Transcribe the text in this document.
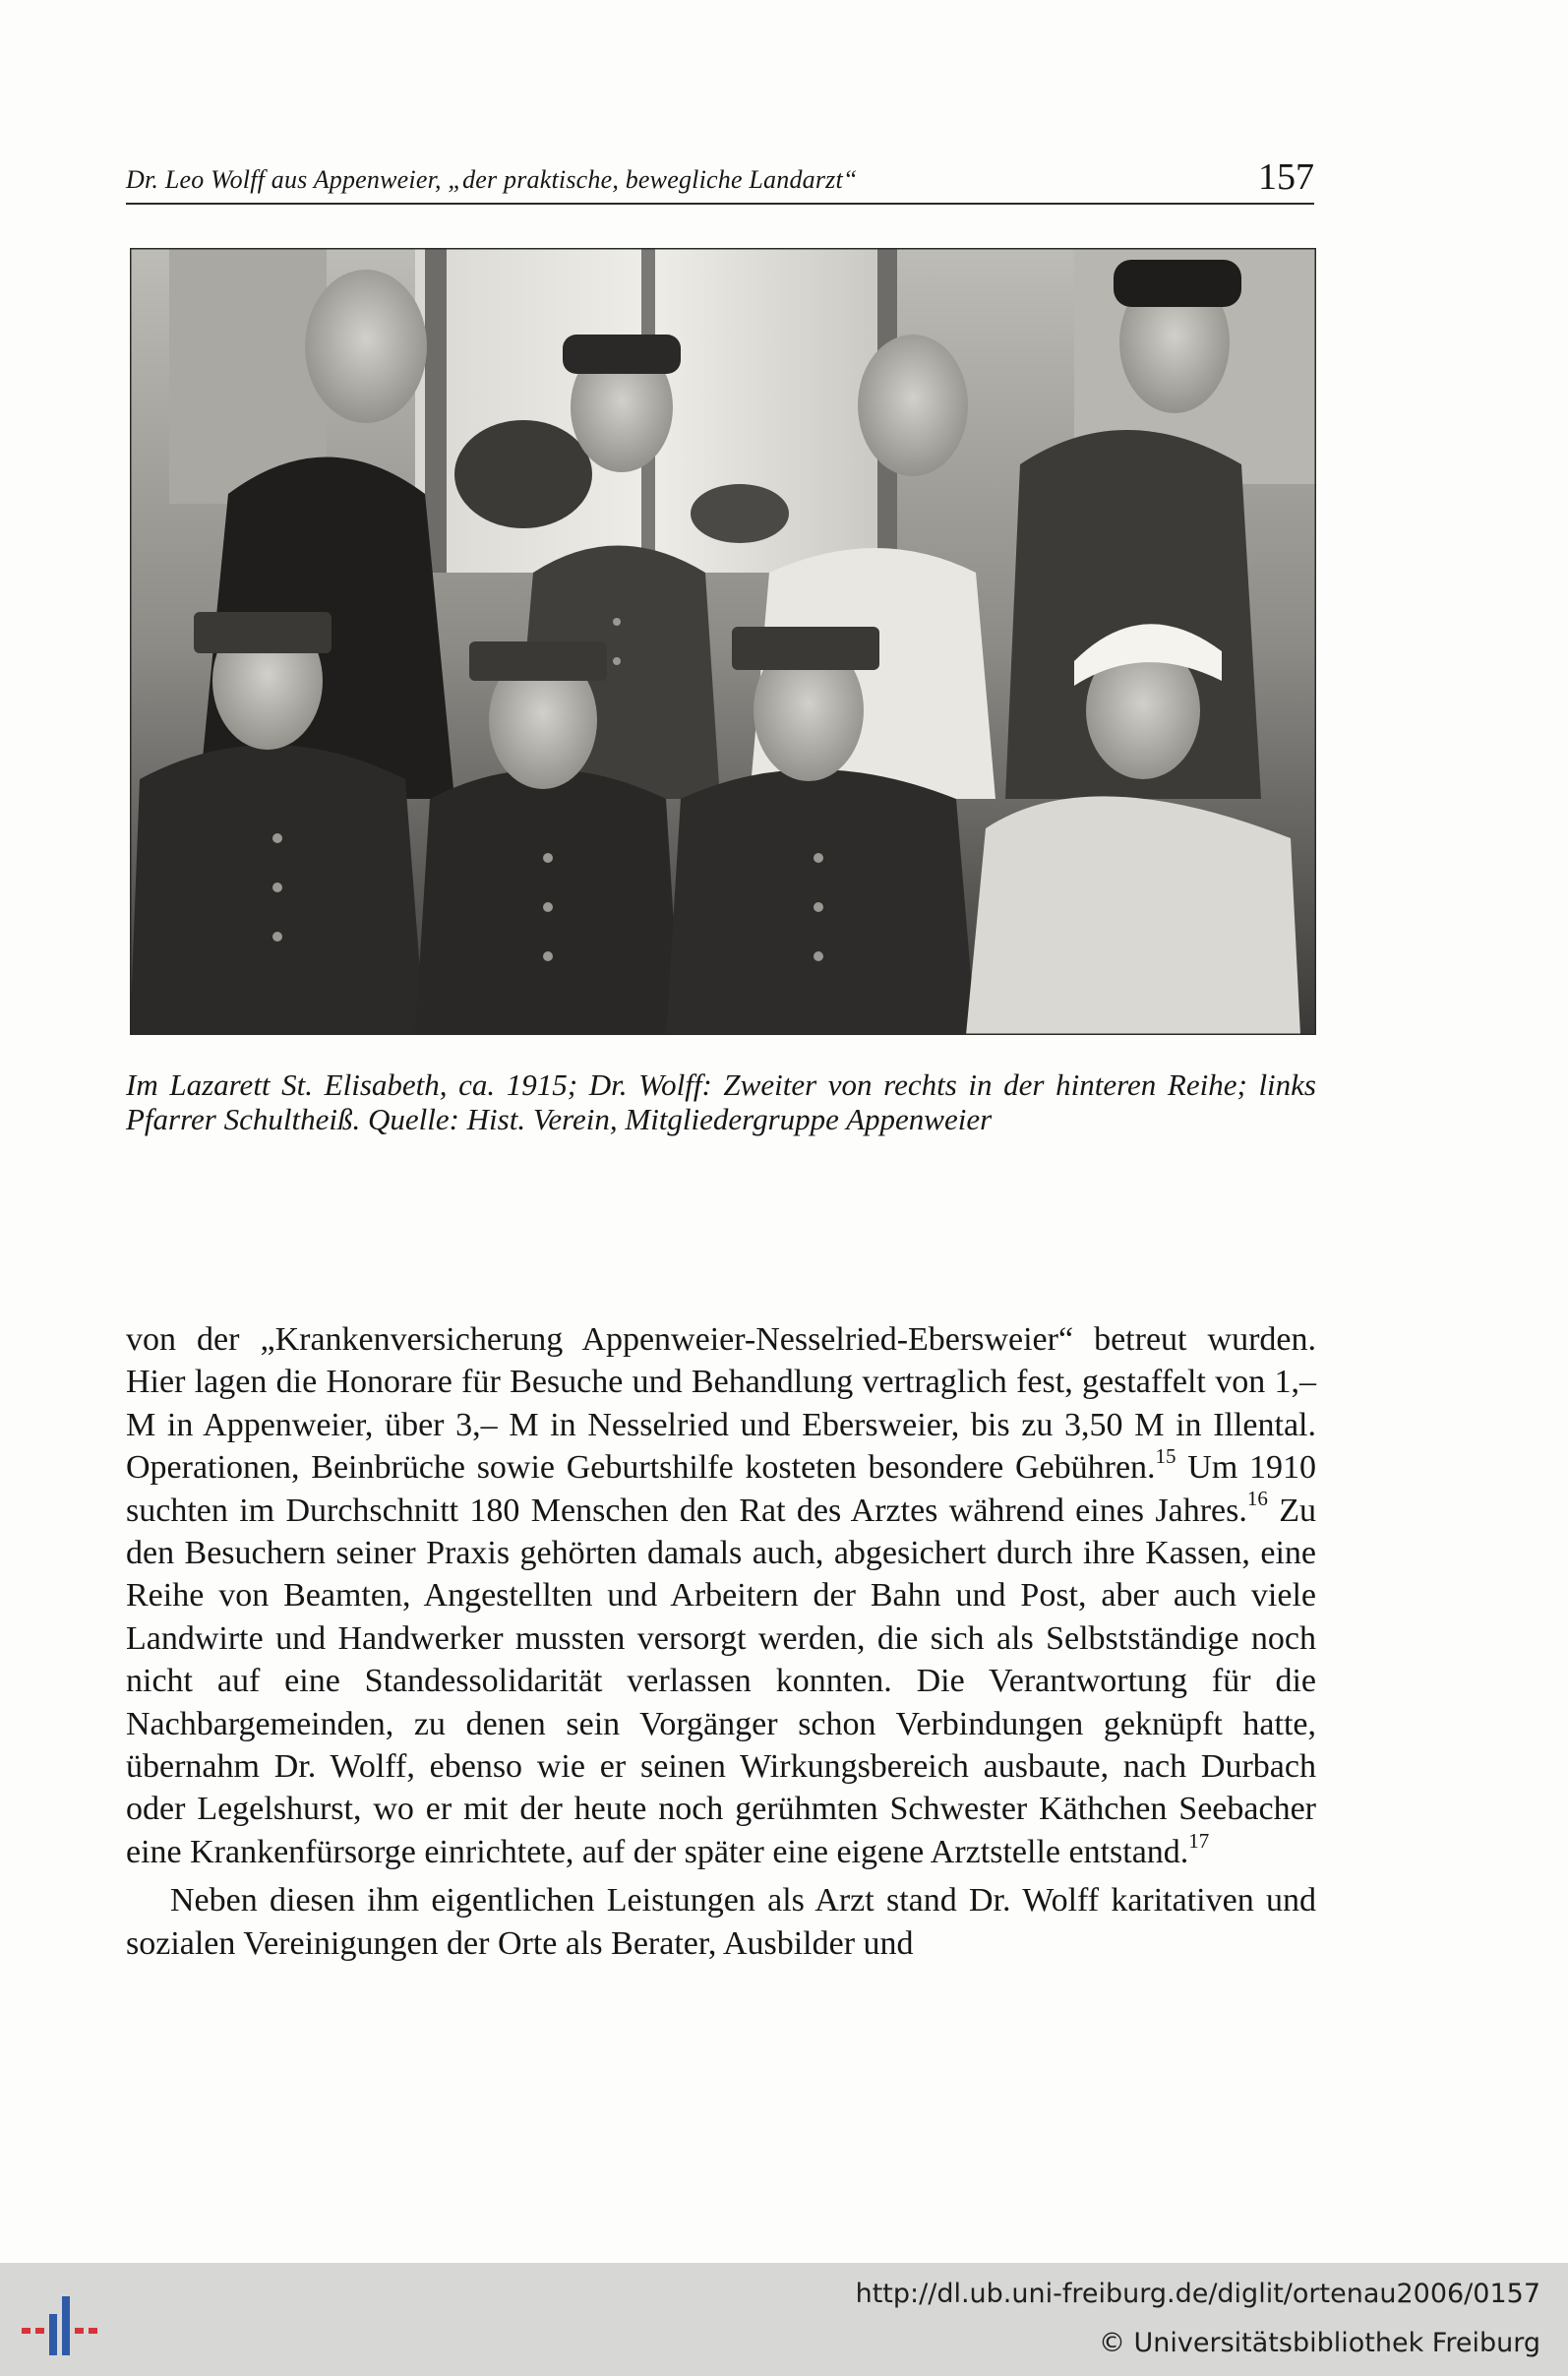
Dr. Leo Wolff aus Appenweier, „der praktische, bewegliche Landarzt“	157
Im Lazarett St. Elisabeth, ca. 1915; Dr. Wolff: Zweiter von rechts in der hinteren Reihe; links Pfarrer Schultheiß. Quelle: Hist. Verein, Mitgliedergruppe Appenweier

von der „Krankenversicherung Appenweier-Nesselried-Ebersweier“ betreut wurden. Hier lagen die Honorare für Besuche und Behandlung vertraglich fest, gestaffelt von 1,– M in Appenweier, über 3,– M in Nesselried und Ebersweier, bis zu 3,50 M in Illental. Operationen, Beinbrüche sowie Geburtshilfe kosteten besondere Gebühren.$^{15}$ Um 1910 suchten im Durchschnitt 180 Menschen den Rat des Arztes während eines Jahres.$^{16}$ Zu den Besuchern seiner Praxis gehörten damals auch, abgesichert durch ihre Kassen, eine Reihe von Beamten, Angestellten und Arbeitern der Bahn und Post, aber auch viele Landwirte und Handwerker mussten versorgt werden, die sich als Selbstständige noch nicht auf eine Standessolidarität verlassen konnten. Die Verantwortung für die Nachbargemeinden, zu denen sein Vorgänger schon Verbindungen geknüpft hatte, übernahm Dr. Wolff, ebenso wie er seinen Wirkungsbereich ausbaute, nach Durbach oder Legelshurst, wo er mit der heute noch gerühmten Schwester Käthchen Seebacher eine Krankenfürsorge einrichtete, auf der später eine eigene Arztstelle entstand.$^{17}$

Neben diesen ihm eigentlichen Leistungen als Arzt stand Dr. Wolff karitativen und sozialen Vereinigungen der Orte als Berater, Ausbilder und

http://dl.ub.uni-freiburg.de/diglit/ortenau2006/0157
© Universitätsbibliothek Freiburg
